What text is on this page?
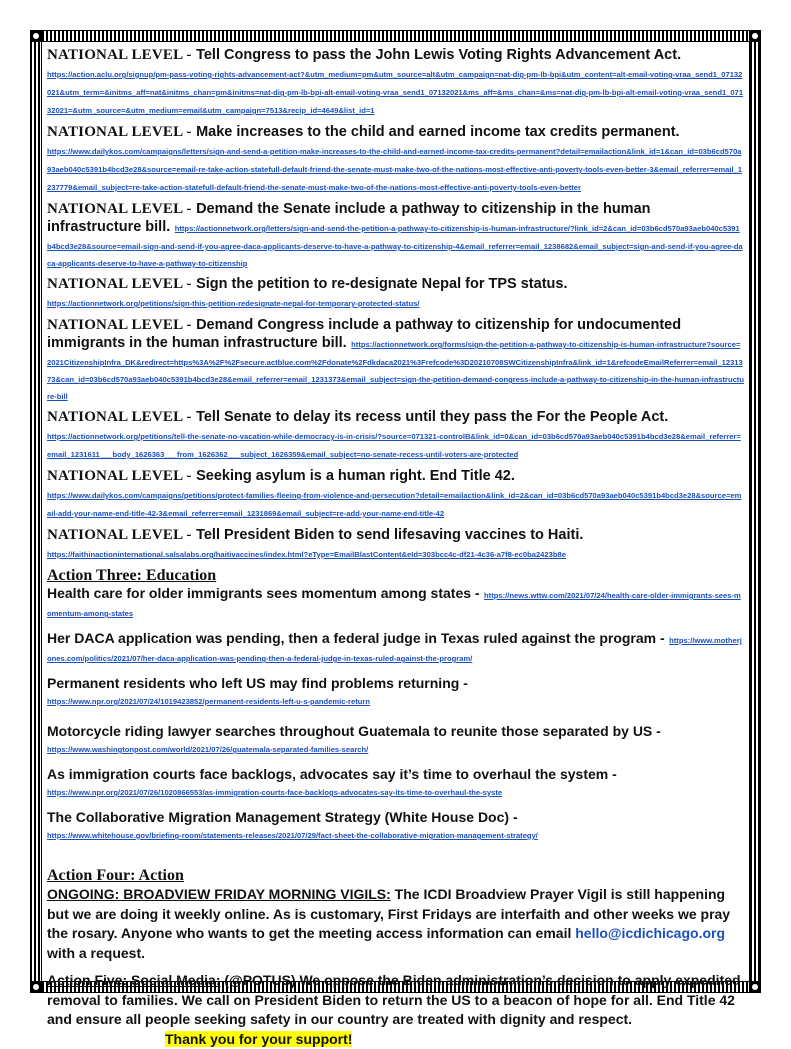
NATIONAL LEVEL - Tell Congress to pass the John Lewis Voting Rights Advancement Act.

https://action.aclu.org/signup/pm-pass-voting-rights-advancement-act?&utm_medium=pm&utm_source=alt&utm_campaign=nat-dig-pm-lb-bpi&utm_content=alt-email-voting-vraa_send1_07132021&utm_term=&initms_aff=nat&initms_chan=pm&initms=nat-dig-pm-lb-bpi-alt-email-voting-vraa_send1_07132021&ms_aff=&ms_chan=&ms=nat-dig-pm-lb-bpi-alt-email-voting-vraa_send1_07132021=&utm_source=&utm_medium=email&utm_campaign=7513&recip_id=4649&list_id=1

NATIONAL LEVEL - Make increases to the child and earned income tax credits permanent.

https://www.dailykos.com/campaigns/letters/sign-and-send-a-petition-make-increases-to-the-child-and-earned-income-tax-credits-permanent?detail=emailaction&link_id=1&can_id=03b6cd570a93aeb040c5391b4bcd3e28&source=email-re-take-action-statefull-default-friend-the-senate-must-make-two-of-the-nations-most-effective-anti-poverty-tools-even-better-3&email_referrer=email_1237779&email_subject=re-take-action-statefull-default-friend-the-senate-must-make-two-of-the-nations-most-effective-anti-poverty-tools-even-better

NATIONAL LEVEL - Demand the Senate include a pathway to citizenship in the human infrastructure bill. https://actionnetwork.org/letters/sign-and-send-the-petition-a-pathway-to-citizenship-is-human-infrastructure/?link_id=2&can_id=03b6cd570a93aeb040c5391b4bcd3e28&source=email-sign-and-send-if-you-agree-daca-applicants-deserve-to-have-a-pathway-to-citizenship-4&email_referrer=email_1238682&email_subject=sign-and-send-if-you-agree-daca-applicants-deserve-to-have-a-pathway-to-citizenship

NATIONAL LEVEL - Sign the petition to re-designate Nepal for TPS status.

https://actionnetwork.org/petitions/sign-this-petition-redesignate-nepal-for-temporary-protected-status/

NATIONAL LEVEL - Demand Congress include a pathway to citizenship for undocumented immigrants in the human infrastructure bill. https://actionnetwork.org/forms/sign-the-petition-a-pathway-to-citizenship-is-human-infrastructure?source=2021CitizenshipInfra_DK&redirect=https%3A%2F%2Fsecure.actblue.com%2Fdonate%2Fdkdaca2021%3Frefcode%3D20210708SWCitizenshipInfra&link_id=1&refcodeEmailReferrer=email_1231373&can_id=03b6cd570a93aeb040c5391b4bcd3e28&email_referrer=email_1231373&email_subject=sign-the-petition-demand-congress-include-a-pathway-to-citizenship-in-the-human-infrastructure-bill

NATIONAL LEVEL - Tell Senate to delay its recess until they pass the For the People Act.

https://actionnetwork.org/petitions/tell-the-senate-no-vacation-while-democracy-is-in-crisis/?source=071321-controlB&link_id=0&can_id=03b6cd570a93aeb040c5391b4bcd3e28&email_referrer=email_1231611___body_1626363___from_1626362___subject_1626359&email_subject=no-senate-recess-until-voters-are-protected

NATIONAL LEVEL - Seeking asylum is a human right. End Title 42.

https://www.dailykos.com/campaigns/petitions/protect-families-fleeing-from-violence-and-persecution?detail=emailaction&link_id=2&can_id=03b6cd570a93aeb040c5391b4bcd3e28&source=email-add-your-name-end-title-42-3&email_referrer=email_1231869&email_subject=re-add-your-name-end-title-42

NATIONAL LEVEL - Tell President Biden to send lifesaving vaccines to Haiti.

https://faithinactioninternational.salsalabs.org/haitivaccines/index.html?eType=EmailBlastContent&eId=303bcc4c-df21-4c36-a7f8-ec0ba2423b8e

Action Three: Education

Health care for older immigrants sees momentum among states - https://news.wttw.com/2021/07/24/health-care-older-immigrants-sees-momentum-among-states
Her DACA application was pending, then a federal judge in Texas ruled against the program - https://www.motherjones.com/politics/2021/07/her-daca-application-was-pending-then-a-federal-judge-in-texas-ruled-against-the-program/
Permanent residents who left US may find problems returning -
https://www.npr.org/2021/07/24/1019423852/permanent-residents-left-u-s-pandemic-return
Motorcycle riding lawyer searches throughout Guatemala to reunite those separated by US -
https://www.washingtonpost.com/world/2021/07/26/guatemala-separated-families-search/
As immigration courts face backlogs, advocates say it’s time to overhaul the system -
https://www.npr.org/2021/07/26/1020866553/as-immigration-courts-face-backlogs-advocates-say-its-time-to-overhaul-the-syste
The Collaborative Migration Management Strategy (White House Doc) -
https://www.whitehouse.gov/briefing-room/statements-releases/2021/07/29/fact-sheet-the-collaborative-migration-management-strategy/

Action Four: Action

ONGOING: BROADVIEW FRIDAY MORNING VIGILS: The ICDI Broadview Prayer Vigil is still happening but we are doing it weekly online. As is customary, First Fridays are interfaith and other weeks we pray the rosary. Anyone who wants to get the meeting access information can email hello@icdichicago.org with a request.

Action Five: Social Media: (@POTUS) We oppose the Biden administration’s decision to apply expedited removal to families. We call on President Biden to return the US to a beacon of hope for all. End Title 42 and ensure all people seeking safety in our country are treated with dignity and respect.Thank you for your support!
